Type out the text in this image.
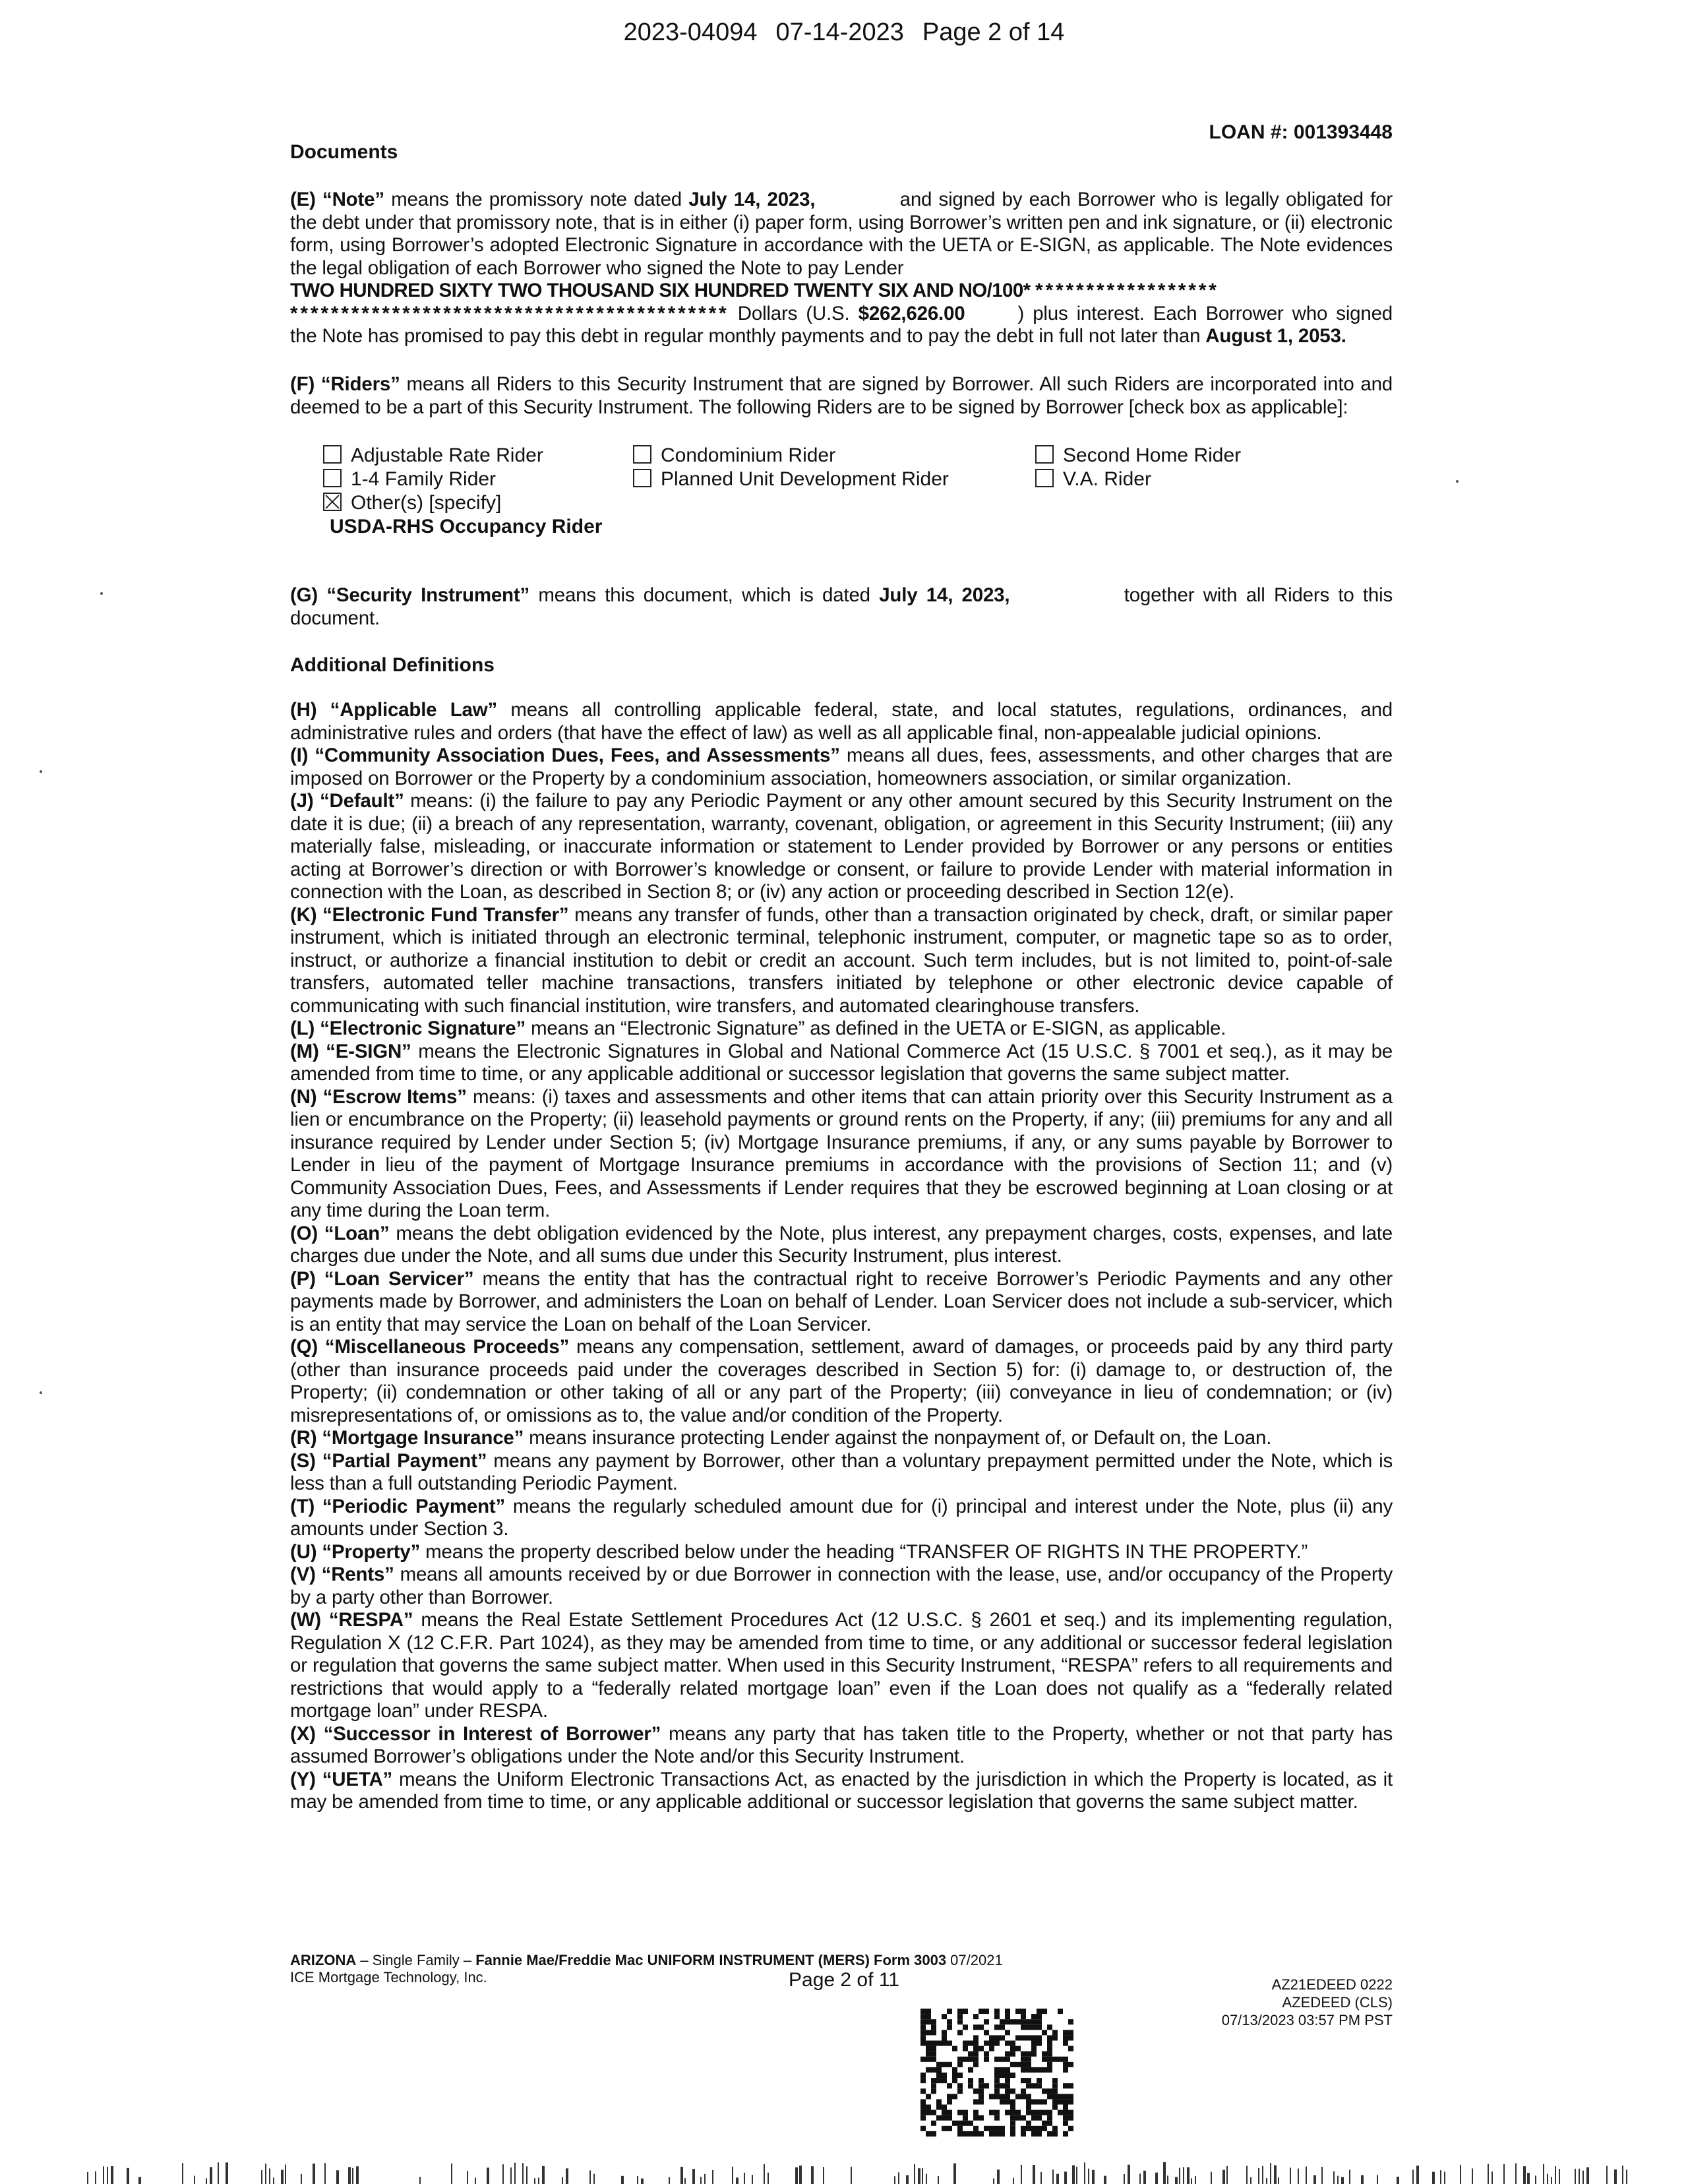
2023-04094 07-14-2023 Page 2 of 14
Documents
LOAN #: 001393448

(E) “Note” means the promissory note dated July 14, 2023,	and signed by each Borrower who is legally obligated for the debt under that promissory note, that is in either (i) paper form, using Borrower’s written pen and ink signature, or (ii) electronic form, using Borrower’s adopted Electronic Signature in accordance with the UETA or E-SIGN, as applicable. The Note evidences the legal obligation of each Borrower who signed the Note to pay Lender

TWO HUNDRED SIXTY TWO THOUSAND SIX HUNDRED TWENTY SIX AND NO/100* ******************

******************************************* Dollars (U.S. $262,626.00	) plus interest. Each Borrower who signed the Note has promised to pay this debt in regular monthly payments and to pay the debt in full not later than August 1, 2053.

(F) “Riders” means all Riders to this Security Instrument that are signed by Borrower. All such Riders are incorporated into and deemed to be a part of this Security Instrument. The following Riders are to be signed by Borrower [check box as applicable]:

Adjustable Rate Rider	Condominium Rider	Second Home Rider
1-4 Family Rider	Planned Unit Development Rider	V.A. Rider
Other(s) [specify]
USDA-RHS Occupancy Rider

(G) “Security Instrument” means this document, which is dated July 14, 2023,	together with all Riders to this document.

Additional Definitions

(H) “Applicable Law” means all controlling applicable federal, state, and local statutes, regulations, ordinances, and administrative rules and orders (that have the effect of law) as well as all applicable final, non-appealable judicial opinions.

(I) “Community Association Dues, Fees, and Assessments” means all dues, fees, assessments, and other charges that are imposed on Borrower or the Property by a condominium association, homeowners association, or similar organization.

(J) “Default” means: (i) the failure to pay any Periodic Payment or any other amount secured by this Security Instrument on the date it is due; (ii) a breach of any representation, warranty, covenant, obligation, or agreement in this Security Instrument; (iii) any materially false, misleading, or inaccurate information or statement to Lender provided by Borrower or any persons or entities acting at Borrower’s direction or with Borrower’s knowledge or consent, or failure to provide Lender with material information in connection with the Loan, as described in Section 8; or (iv) any action or proceeding described in Section 12(e).

(K) “Electronic Fund Transfer” means any transfer of funds, other than a transaction originated by check, draft, or similar paper instrument, which is initiated through an electronic terminal, telephonic instrument, computer, or magnetic tape so as to order, instruct, or authorize a financial institution to debit or credit an account. Such term includes, but is not limited to, point-of-sale transfers, automated teller machine transactions, transfers initiated by telephone or other electronic device capable of communicating with such financial institution, wire transfers, and automated clearinghouse transfers.

(L) “Electronic Signature” means an “Electronic Signature” as defined in the UETA or E-SIGN, as applicable.

(M) “E-SIGN” means the Electronic Signatures in Global and National Commerce Act (15 U.S.C. § 7001 et seq.), as it may be amended from time to time, or any applicable additional or successor legislation that governs the same subject matter.

(N) “Escrow Items” means: (i) taxes and assessments and other items that can attain priority over this Security Instrument as a lien or encumbrance on the Property; (ii) leasehold payments or ground rents on the Property, if any; (iii) premiums for any and all insurance required by Lender under Section 5; (iv) Mortgage Insurance premiums, if any, or any sums payable by Borrower to Lender in lieu of the payment of Mortgage Insurance premiums in accordance with the provisions of Section 11; and (v) Community Association Dues, Fees, and Assessments if Lender requires that they be escrowed beginning at Loan closing or at any time during the Loan term.

(O) “Loan” means the debt obligation evidenced by the Note, plus interest, any prepayment charges, costs, expenses, and late charges due under the Note, and all sums due under this Security Instrument, plus interest.

(P) “Loan Servicer” means the entity that has the contractual right to receive Borrower’s Periodic Payments and any other payments made by Borrower, and administers the Loan on behalf of Lender. Loan Servicer does not include a sub-servicer, which is an entity that may service the Loan on behalf of the Loan Servicer.

(Q) “Miscellaneous Proceeds” means any compensation, settlement, award of damages, or proceeds paid by any third party (other than insurance proceeds paid under the coverages described in Section 5) for: (i) damage to, or destruction of, the Property; (ii) condemnation or other taking of all or any part of the Property; (iii) conveyance in lieu of condemnation; or (iv) misrepresentations of, or omissions as to, the value and/or condition of the Property.

(R) “Mortgage Insurance” means insurance protecting Lender against the nonpayment of, or Default on, the Loan.

(S) “Partial Payment” means any payment by Borrower, other than a voluntary prepayment permitted under the Note, which is less than a full outstanding Periodic Payment.

(T) “Periodic Payment” means the regularly scheduled amount due for (i) principal and interest under the Note, plus (ii) any amounts under Section 3.

(U) “Property” means the property described below under the heading “TRANSFER OF RIGHTS IN THE PROPERTY.”

(V) “Rents” means all amounts received by or due Borrower in connection with the lease, use, and/or occupancy of the Property by a party other than Borrower.

(W) “RESPA” means the Real Estate Settlement Procedures Act (12 U.S.C. § 2601 et seq.) and its implementing regulation, Regulation X (12 C.F.R. Part 1024), as they may be amended from time to time, or any additional or successor federal legislation or regulation that governs the same subject matter. When used in this Security Instrument, “RESPA” refers to all requirements and restrictions that would apply to a “federally related mortgage loan” even if the Loan does not qualify as a “federally related mortgage loan” under RESPA.

(X) “Successor in Interest of Borrower” means any party that has taken title to the Property, whether or not that party has assumed Borrower’s obligations under the Note and/or this Security Instrument.

(Y) “UETA” means the Uniform Electronic Transactions Act, as enacted by the jurisdiction in which the Property is located, as it may be amended from time to time, or any applicable additional or successor legislation that governs the same subject matter.

ARIZONA – Single Family – Fannie Mae/Freddie Mac UNIFORM INSTRUMENT (MERS) Form 3003 07/2021
ICE Mortgage Technology, Inc.	Page 2 of 11	AZ21EDEED 0222
AZEDEED (CLS)
07/13/2023 03:57 PM PST
